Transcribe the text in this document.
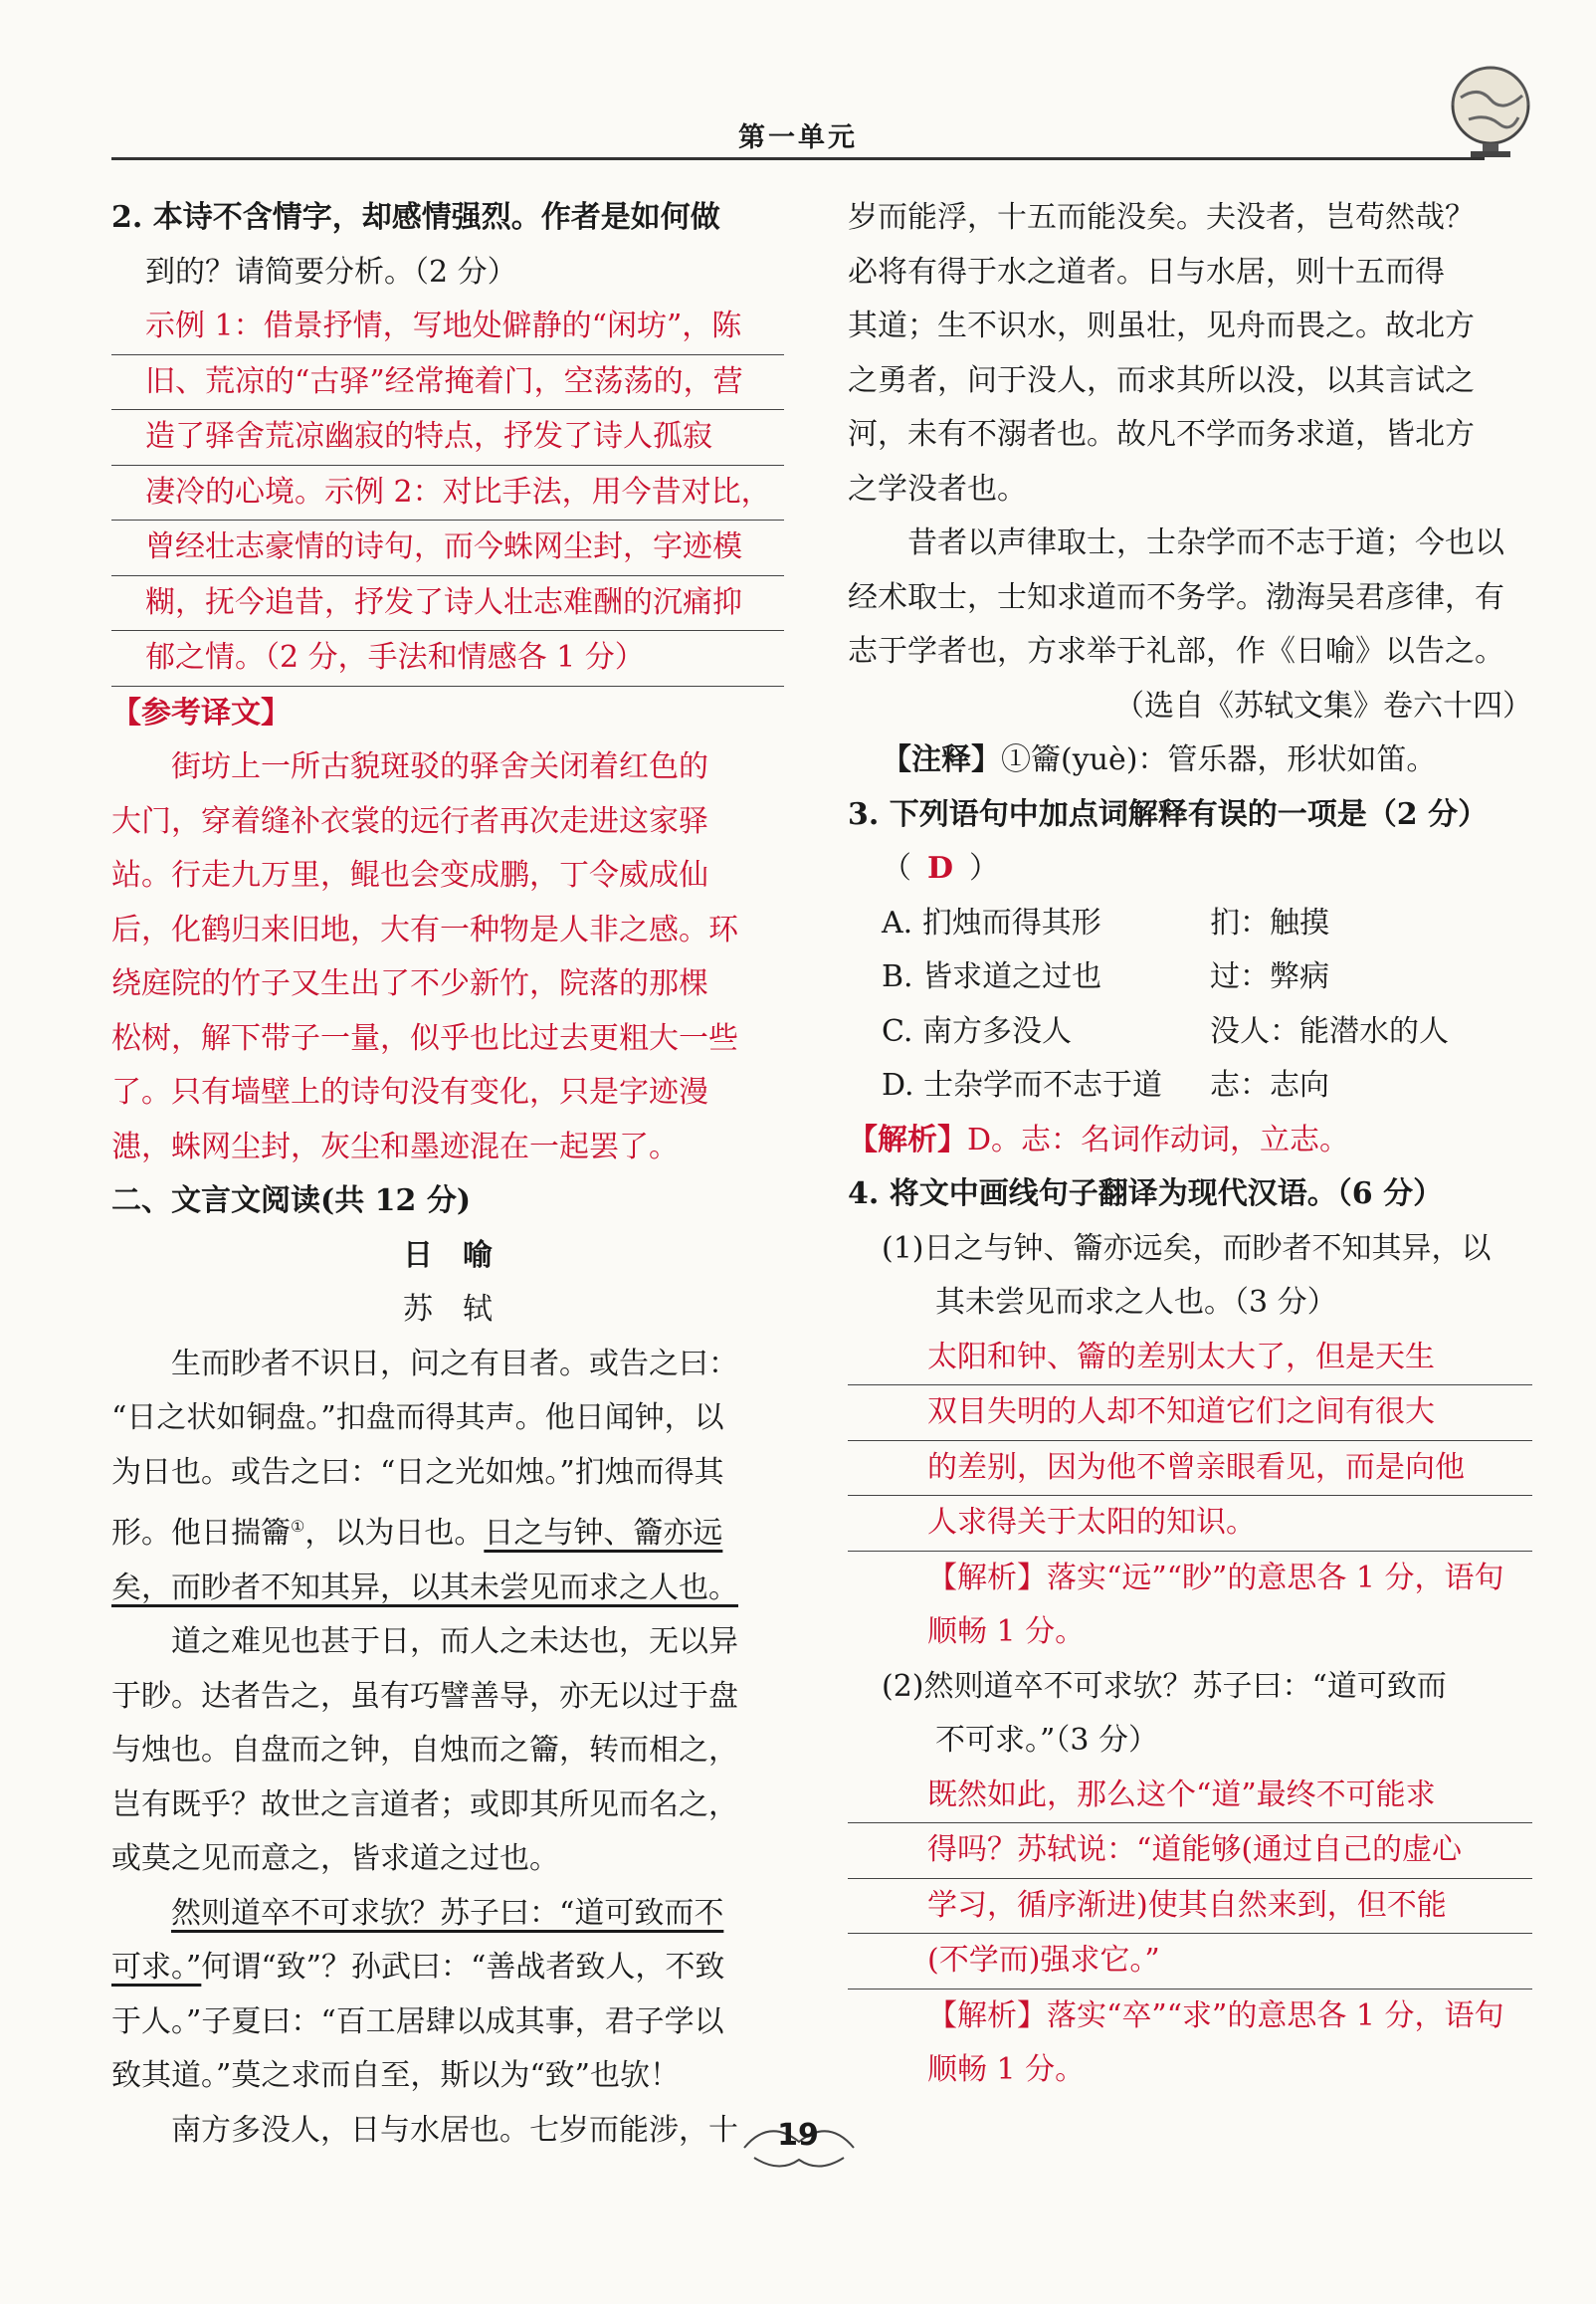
第一单元
2. 本诗不含情字，却感情强烈。作者是如何做
到的？请简要分析。（2 分）
示例 1：借景抒情，写地处僻静的“闲坊”，陈
旧、荒凉的“古驿”经常掩着门，空荡荡的，营
造了驿舍荒凉幽寂的特点，抒发了诗人孤寂
凄冷的心境。示例 2：对比手法，用今昔对比，
曾经壮志豪情的诗句，而今蛛网尘封，字迹模
糊，抚今追昔，抒发了诗人壮志难酬的沉痛抑
郁之情。（2 分，手法和情感各 1 分）
【参考译文】
街坊上一所古貌斑驳的驿舍关闭着红色的
大门，穿着缝补衣裳的远行者再次走进这家驿
站。行走九万里，鲲也会变成鹏，丁令威成仙
后，化鹤归来旧地，大有一种物是人非之感。环
绕庭院的竹子又生出了不少新竹，院落的那棵
松树，解下带子一量，似乎也比过去更粗大一些
了。只有墙壁上的诗句没有变化，只是字迹漫
漶，蛛网尘封，灰尘和墨迹混在一起罢了。
二、文言文阅读(共 12 分)
日　喻
苏　轼
生而眇者不识日，问之有目者。或告之曰：
“日之状如铜盘。”扣盘而得其声。他日闻钟，以
为日也。或告之曰：“日之光如烛。”扪烛而得其
形。他日揣籥①，以为日也。日之与钟、籥亦远
矣，而眇者不知其异，以其未尝见而求之人也。
道之难见也甚于日，而人之未达也，无以异
于眇。达者告之，虽有巧譬善导，亦无以过于盘
与烛也。自盘而之钟，自烛而之籥，转而相之，
岂有既乎？故世之言道者；或即其所见而名之，
或莫之见而意之，皆求道之过也。
然则道卒不可求欤？苏子曰：“道可致而不
可求。”何谓“致”？孙武曰：“善战者致人，不致
于人。”子夏曰：“百工居肆以成其事，君子学以
致其道。”莫之求而自至，斯以为“致”也欤！
南方多没人，日与水居也。七岁而能涉，十
岁而能浮，十五而能没矣。夫没者，岂苟然哉？
必将有得于水之道者。日与水居，则十五而得
其道；生不识水，则虽壮，见舟而畏之。故北方
之勇者，问于没人，而求其所以没，以其言试之
河，未有不溺者也。故凡不学而务求道，皆北方
之学没者也。
昔者以声律取士，士杂学而不志于道；今也以
经术取士，士知求道而不务学。渤海吴君彦律，有
志于学者也，方求举于礼部，作《日喻》以告之。
（选自《苏轼文集》卷六十四）
【注释】①籥(yuè)：管乐器，形状如笛。
3. 下列语句中加点词解释有误的一项是（2 分）
（ D ）
A. 扪烛而得其形	扪：触摸
B. 皆求道之过也	过：弊病
C. 南方多没人	没人：能潜水的人
D. 士杂学而不志于道	志：志向
【解析】D。志：名词作动词，立志。
4. 将文中画线句子翻译为现代汉语。（6 分）
(1)日之与钟、籥亦远矣，而眇者不知其异，以
其未尝见而求之人也。（3 分）
太阳和钟、籥的差别太大了，但是天生
双目失明的人却不知道它们之间有很大
的差别，因为他不曾亲眼看见，而是向他
人求得关于太阳的知识。
【解析】落实“远”“眇”的意思各 1 分，语句
顺畅 1 分。
(2)然则道卒不可求欤？苏子曰：“道可致而
不可求。”（3 分）
既然如此，那么这个“道”最终不可能求
得吗？苏轼说：“道能够(通过自己的虚心
学习，循序渐进)使其自然来到，但不能
(不学而)强求它。”
【解析】落实“卒”“求”的意思各 1 分，语句
顺畅 1 分。
19
